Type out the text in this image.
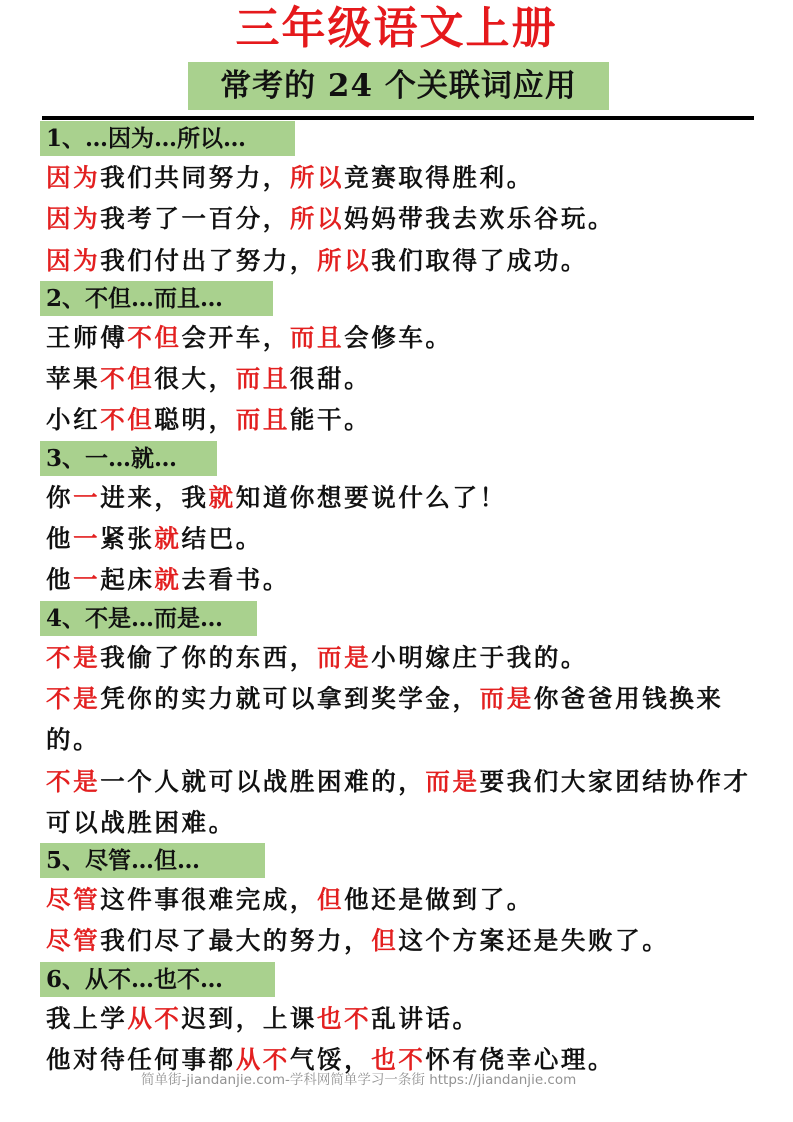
三年级语文上册
常考的 24 个关联词应用
1、…因为…所以…
因为我们共同努力，所以竞赛取得胜利。
因为我考了一百分，所以妈妈带我去欢乐谷玩。
因为我们付出了努力，所以我们取得了成功。
2、不但…而且…
王师傅不但会开车，而且会修车。
苹果不但很大，而且很甜。
小红不但聪明，而且能干。
3、一…就…
你一进来，我就知道你想要说什么了！
他一紧张就结巴。
他一起床就去看书。
4、不是…而是…
不是我偷了你的东西，而是小明嫁庄于我的。
不是凭你的实力就可以拿到奖学金，而是你爸爸用钱换来的。
不是一个人就可以战胜困难的，而是要我们大家团结协作才可以战胜困难。
5、尽管…但…
尽管这件事很难完成，但他还是做到了。
尽管我们尽了最大的努力，但这个方案还是失败了。
6、从不…也不…
我上学从不迟到，上课也不乱讲话。
他对待任何事都从不气馁，也不怀有侥幸心理。
简单街-jiandanjie.com-学科网简单学习一条街 https://jiandanjie.com
